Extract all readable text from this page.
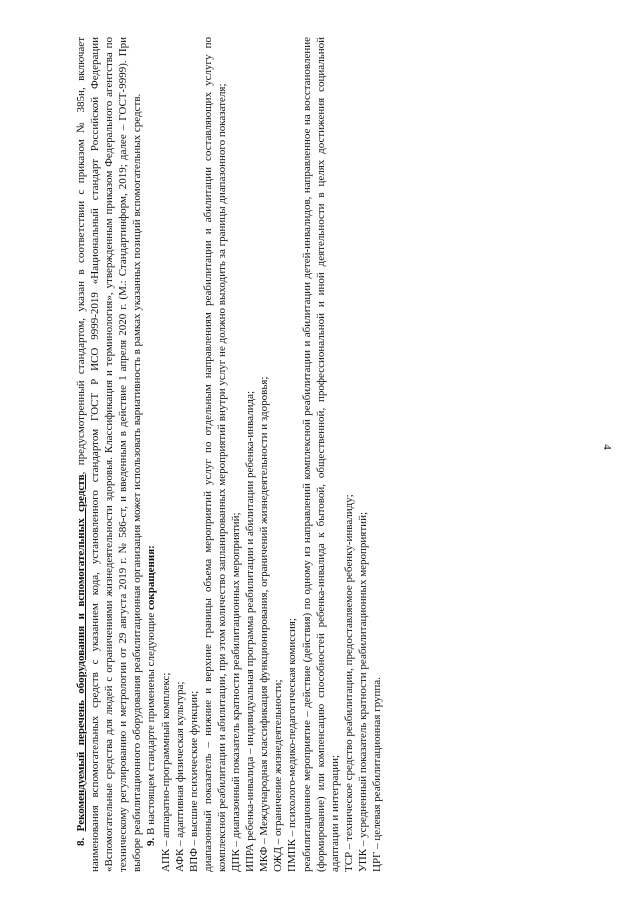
4

8. Рекомендуемый перечень оборудования и вспомогательных средств, предусмотренный стандартом, указан в соответствии с приказом № 385н, включает наименования вспомогательных средств с указанием кода, установленного стандартом ГОСТ Р ИСО 9999-2019 «Национальный стандарт Российской Федерации «Вспомогательные средства для людей с ограничениями жизнедеятельности здоровья. Классификация и терминология», утвержденным приказом Федерального агентства по техническому регулированию и метрологии от 29 августа 2019 г. № 586-ст, и введенным в действие 1 апреля 2020 г. (М.: Стандартинформ, 2019; далее – ГОСТ-9999). При выборе реабилитационного оборудования реабилитационная организация может использовать вариативность в рамках указанных позиций вспомогательных средств. 9. В настоящем стандарте применены следующие сокращения:

АПК – аппаратно-программный комплекс; АФК – адаптивная физическая культура; ВПФ – высшие психические функции; диапазонный показатель – нижние и верхние границы объема мероприятий услуг по отдельным направлениям реабилитации и абилитации составляющих услугу по комплексной реабилитации и абилитации, при этом количество запланированных мероприятий внутри услуг не должно выходить за границы диапазонного показателя; ДПК – диапазонный показатель кратности реабилитационных мероприятий; ИПРА ребенка-инвалида – индивидуальная программа реабилитации и абилитации ребенка-инвалида; МКФ – Международная классификация функционирования, ограничений жизнедеятельности и здоровья; ОЖД – ограничение жизнедеятельности; ПМПК – психолого-медико-педагогическая комиссия; реабилитационное мероприятие – действие (действия) по одному из направлений комплексной реабилитации и абилитации детей-инвалидов, направленное на восстановление (формирование) или компенсацию способностей ребенка-инвалида к бытовой, общественной, профессиональной и иной деятельности в целях достижения социальной адаптации и интеграции; ТСР – техническое средство реабилитации, предоставляемое ребенку-инвалиду; УПК – усредненный показатель кратности реабилитационных мероприятий; ЦРГ – целевая реабилитационная группа.
